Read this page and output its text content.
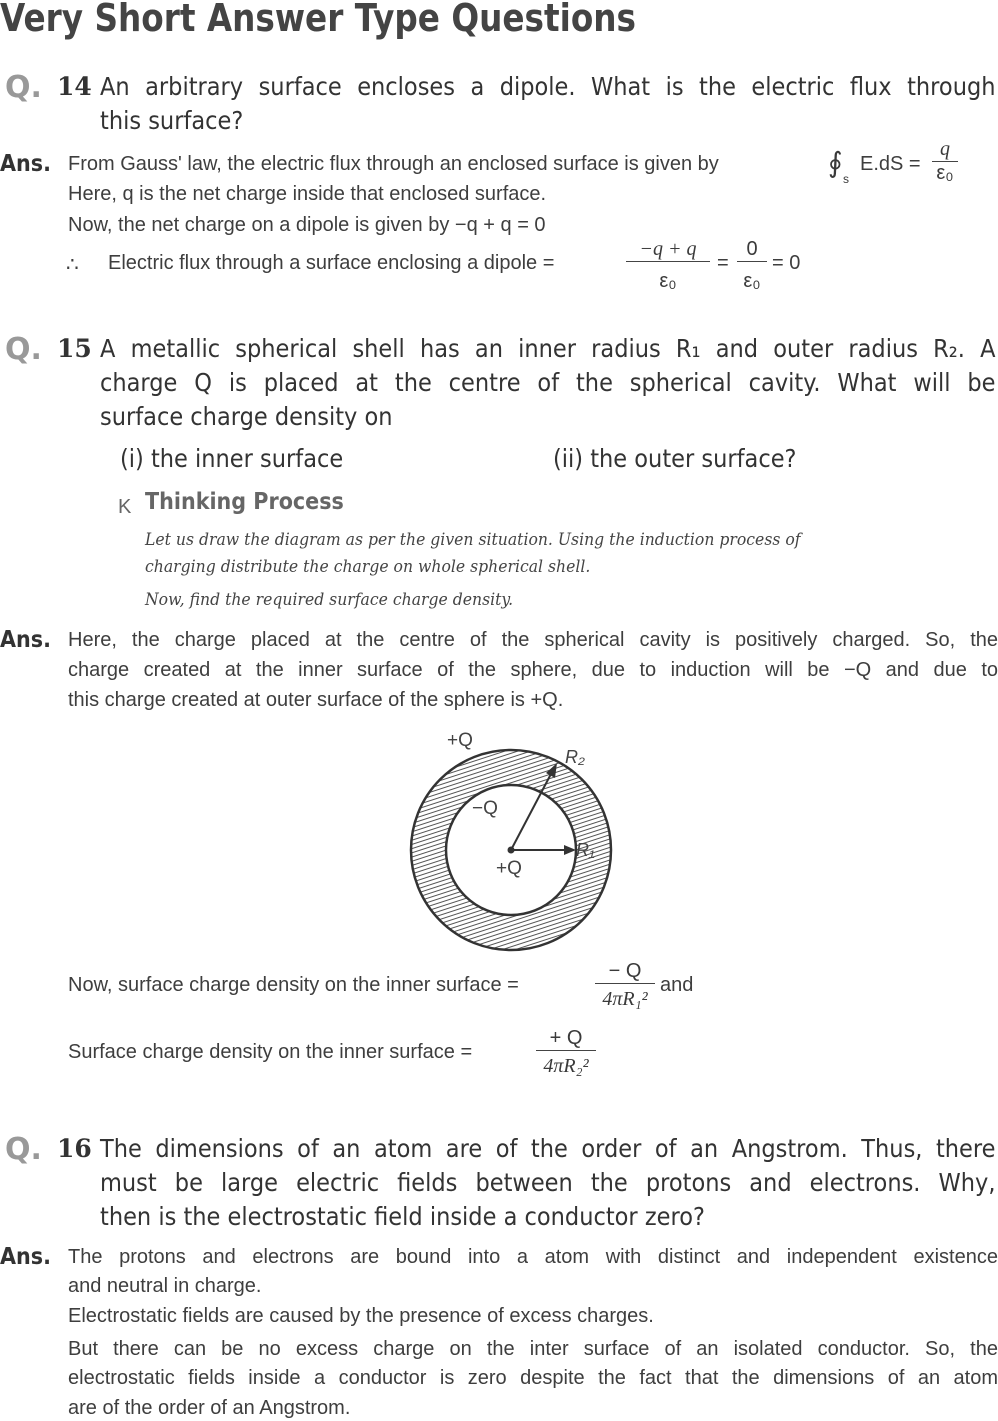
Very Short Answer Type Questions
Q. 14 An arbitrary surface encloses a dipole. What is the electric flux through
this surface?
Ans. From Gauss' law, the electric flux through an enclosed surface is given by	∮ s
$E.dS = \frac{q}{\text{ε₀}}$
Here, q is the net charge inside that enclosed surface.
Now, the net charge on a dipole is given by −q + q = 0
∴ Electric flux through a surface enclosing a dipole =	$\frac{-q + q}{\text{ε₀}} = \frac{0}{\text{ε₀}} = 0$
Q. 15 A metallic spherical shell has an inner radius R₁ and outer radius R₂. A
charge Q is placed at the centre of the spherical cavity. What will be
surface charge density on
(i) the inner surface	(ii) the outer surface?
K Thinking Process
Let us draw the diagram as per the given situation. Using the induction process of
charging distribute the charge on whole spherical shell.
Now, find the required surface charge density.
Ans. Here, the charge placed at the centre of the spherical cavity is positively charged. So, the
charge created at the inner surface of the sphere, due to induction will be −Q and due to
this charge created at outer surface of the sphere is +Q.
+Q
−Q
+Q
R₂
R₁
Now, surface charge density on the inner surface =	$\frac{- Q}{\text{4πR₁²}}$ and
Surface charge density on the inner surface =	$\frac{+ Q}{\text{4πR₂²}}$
Q. 16 The dimensions of an atom are of the order of an Angstrom. Thus, there
must be large electric fields between the protons and electrons. Why,
then is the electrostatic field inside a conductor zero?
Ans. The protons and electrons are bound into a atom with distinct and independent existence
and neutral in charge.
Electrostatic fields are caused by the presence of excess charges.
But there can be no excess charge on the inter surface of an isolated conductor. So, the
electrostatic fields inside a conductor is zero despite the fact that the dimensions of an atom
are of the order of an Angstrom.
